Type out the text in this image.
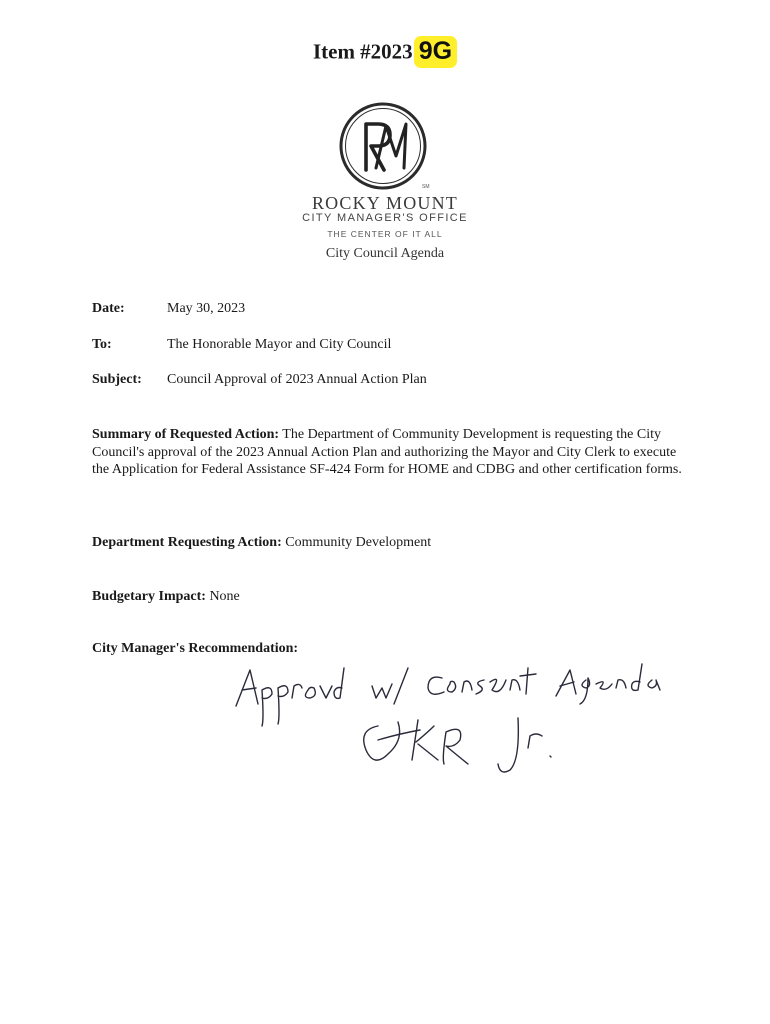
Item #2023 9G
SM
ROCKY MOUNT
CITY MANAGER'S OFFICE
THE CENTER OF IT ALL
City Council Agenda
Date:	May 30, 2023
To:	The Honorable Mayor and City Council
Subject: Council Approval of 2023 Annual Action Plan
Summary of Requested Action: The Department of Community Development is requesting the City Council's approval of the 2023 Annual Action Plan and authorizing the Mayor and City Clerk to execute the Application for Federal Assistance SF-424 Form for HOME and CDBG and other certification forms.
Department Requesting Action: Community Development
Budgetary Impact: None
City Manager's Recommendation:
